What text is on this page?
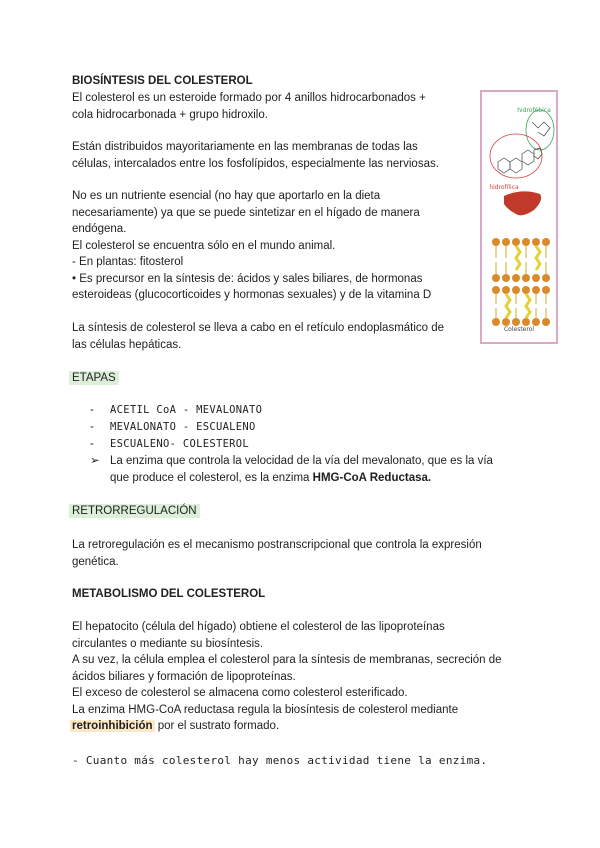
BIOSÍNTESIS DEL COLESTEROL
El colesterol es un esteroide formado por 4 anillos hidrocarbonados +
cola hidrocarbonada + grupo hidroxilo.
Están distribuidos mayoritariamente en las membranas de todas las
células, intercalados entre los fosfolípidos, especialmente las nerviosas.
No es un nutriente esencial (no hay que aportarlo en la dieta
necesariamente) ya que se puede sintetizar en el hígado de manera
endógena.
El colesterol se encuentra sólo en el mundo animal.
- En plantas: fitosterol
• Es precursor en la síntesis de: ácidos y sales biliares, de hormonas
esteroideas (glucocorticoides y hormonas sexuales) y de la vitamina D
La síntesis de colesterol se lleva a cabo en el retículo endoplasmático de
las células hepáticas.
ETAPAS
- ACETIL CoA - MEVALONATO
- MEVALONATO - ESCUALENO
- ESCUALENO- COLESTEROL
➢ La enzima que controla la velocidad de la vía del mevalonato, que es la vía
que produce el colesterol, es la enzima HMG-CoA Reductasa.
RETRORREGULACIÓN
La retroregulación es el mecanismo postranscripcional que controla la expresión
genética.
METABOLISMO DEL COLESTEROL
El hepatocito (célula del hígado) obtiene el colesterol de las lipoproteínas
circulantes o mediante su biosíntesis.
A su vez, la célula emplea el colesterol para la síntesis de membranas, secreción de
ácidos biliares y formación de lipoproteínas.
El exceso de colesterol se almacena como colesterol esterificado.
La enzima HMG-CoA reductasa regula la biosíntesis de colesterol mediante
retroinhibición por el sustrato formado.
- Cuanto más colesterol hay menos actividad tiene la enzima.
hidrofóbica
hidrofílica
Colesterol
